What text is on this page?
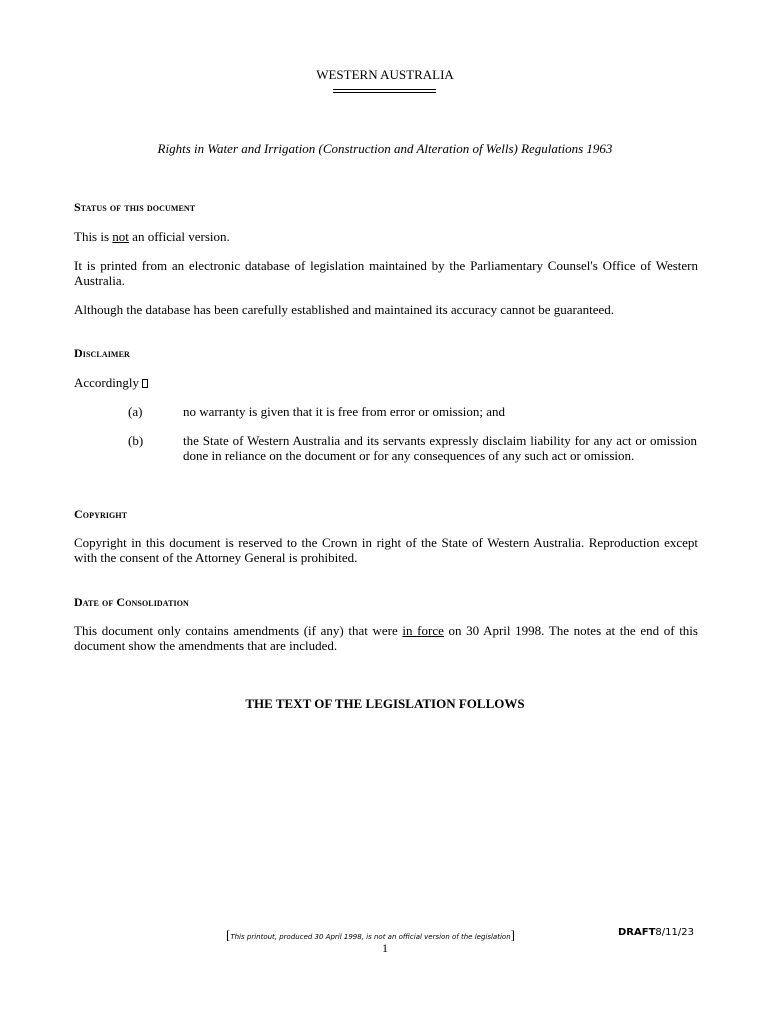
WESTERN AUSTRALIA
Rights in Water and Irrigation (Construction and Alteration of Wells) Regulations 1963
Status of this document
This is not an official version.
It is printed from an electronic database of legislation maintained by the Parliamentary Counsel's Office of Western Australia.
Although the database has been carefully established and maintained its accuracy cannot be guaranteed.
Disclaimer
Accordingly
(a)	no warranty is given that it is free from error or omission; and
(b)	the State of Western Australia and its servants expressly disclaim liability for any act or omission done in reliance on the document or for any consequences of any such act or omission.
Copyright
Copyright in this document is reserved to the Crown in right of the State of Western Australia. Reproduction except with the consent of the Attorney General is prohibited.
Date of Consolidation
This document only contains amendments (if any) that were in force on 30 April 1998. The notes at the end of this document show the amendments that are included.
THE TEXT OF THE LEGISLATION FOLLOWS
[This printout, produced 30 April 1998, is not an official version of the legislation]
1
DRAFT8/11/23
